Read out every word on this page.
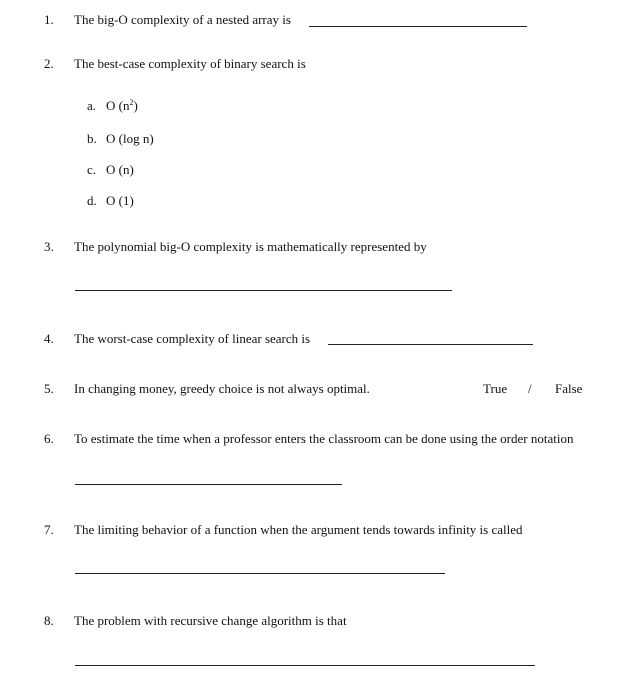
1. The big-O complexity of a nested array is
2. The best-case complexity of binary search is
a. O $(n^2)$
b. O (log n)
c. O (n)
d. O (1)
3. The polynomial big-O complexity is mathematically represented by
4. The worst-case complexity of linear search is
5. In changing money, greedy choice is not always optimal.	True / False
6. To estimate the time when a professor enters the classroom can be done using the order notation
7. The limiting behavior of a function when the argument tends towards infinity is called
8. The problem with recursive change algorithm is that
